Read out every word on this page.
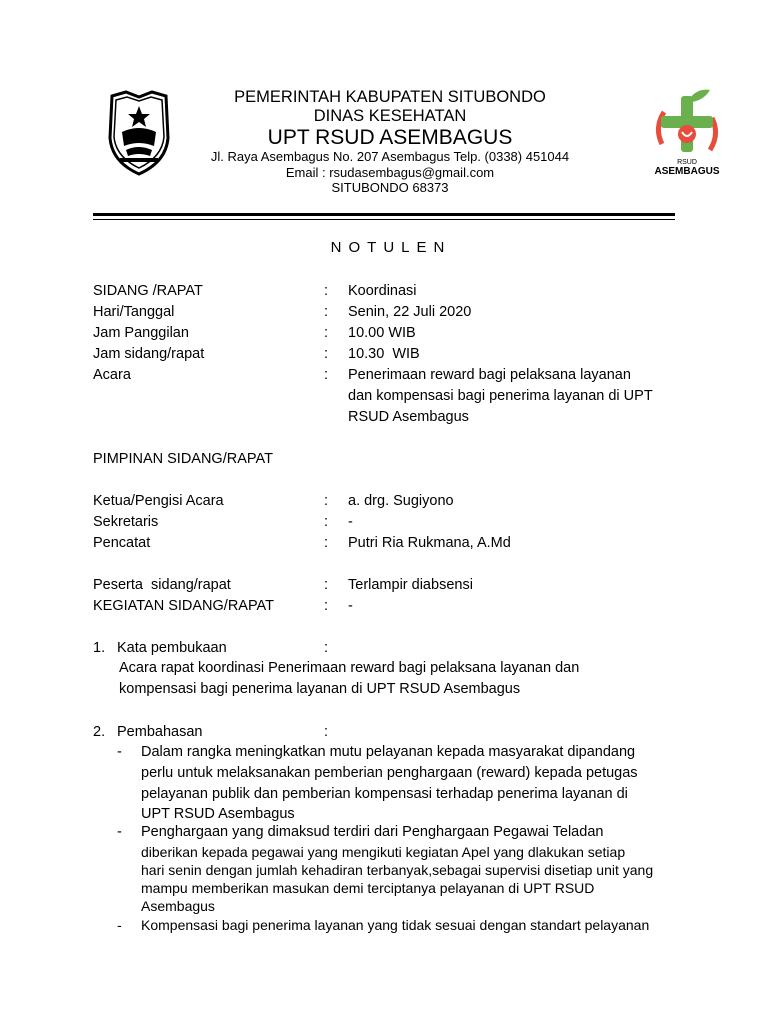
PEMERINTAH KABUPATEN SITUBONDO
DINAS KESEHATAN
UPT RSUD ASEMBAGUS
Jl. Raya Asembagus No. 207 Asembagus Telp. (0338) 451044
Email : rsudasembagus@gmail.com
SITUBONDO 68373
RSUD
ASEMBAGUS
NOTULEN
SIDANG /RAPAT	: Koordinasi
Hari/Tanggal	: Senin, 22 Juli 2020
Jam Panggilan	: 10.00 WIB
Jam sidang/rapat	: 10.30  WIB
Acara	: Penerimaan reward bagi pelaksana layanan
dan kompensasi bagi penerima layanan di UPT
RSUD Asembagus
PIMPINAN SIDANG/RAPAT
Ketua/Pengisi Acara	: a. drg. Sugiyono
Sekretaris	: -
Pencatat	: Putri Ria Rukmana, A.Md
Peserta  sidang/rapat	: Terlampir diabsensi
KEGIATAN SIDANG/RAPAT	: -
1. Kata pembukaan	:
Acara rapat koordinasi Penerimaan reward bagi pelaksana layanan dan
kompensasi bagi penerima layanan di UPT RSUD Asembagus
2. Pembahasan	:
- Dalam rangka meningkatkan mutu pelayanan kepada masyarakat dipandang
perlu untuk melaksanakan pemberian penghargaan (reward) kepada petugas
pelayanan publik dan pemberian kompensasi terhadap penerima layanan di
UPT RSUD Asembagus
- Penghargaan yang dimaksud terdiri dari Penghargaan Pegawai Teladan
diberikan kepada pegawai yang mengikuti kegiatan Apel yang dlakukan setiap
hari senin dengan jumlah kehadiran terbanyak,sebagai supervisi disetiap unit yang
mampu memberikan masukan demi terciptanya pelayanan di UPT RSUD
Asembagus
- Kompensasi bagi penerima layanan yang tidak sesuai dengan standart pelayanan
